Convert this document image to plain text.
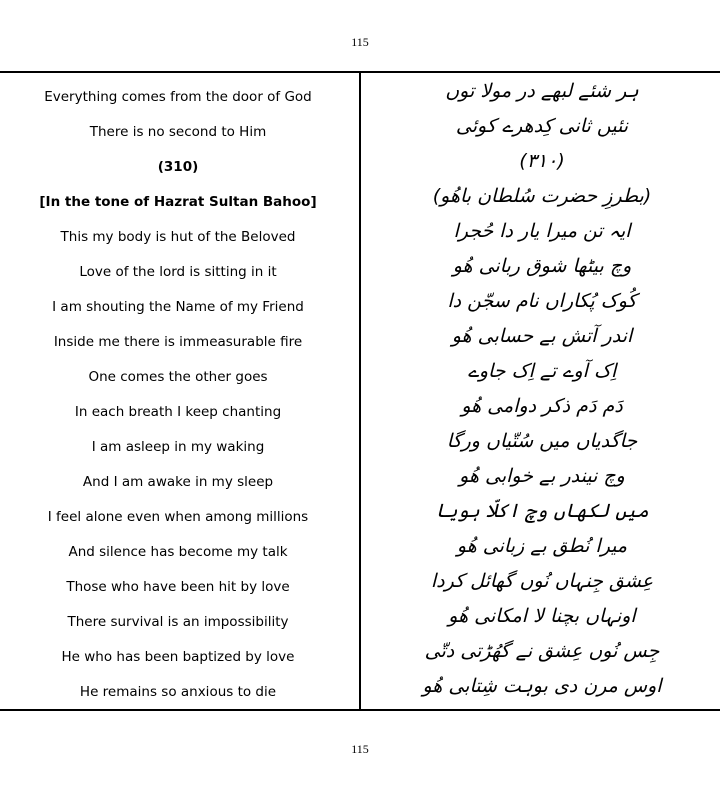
115
Everything comes from the door of God
There is no second to Him
(310)
[In the tone of Hazrat Sultan Bahoo]
This my body is hut of the Beloved
Love of the lord is sitting in it
I am shouting the Name of my Friend
Inside me there is immeasurable fire
One comes the other goes
In each breath I keep chanting
I am asleep in my waking
And I am awake in my sleep
I feel alone even when among millions
And silence has become my talk
Those who have been hit by love
There survival is an impossibility
He who has been baptized by love
He remains so anxious to die
ہر شئے لبھے در مولا توں
نئیں ثانی کِدھرے کوئی
(۳۱۰)
(بطرزِ حضرت سُلطان باھُو)
ایہ تن میرا یار دا حُجرا
وچ بیٹھا شوق ربانی ھُو
کُوک پُکاراں نام سجّن دا
اندر آتش بے حسابی ھُو
اِک آوے تے اِک جاوے
دَم دَم ذکر دوامی ھُو
جاگدیاں میں سُتّیاں ورگا
وچ نیندر بے خوابی ھُو
میں لکھاں وچ اکلّا ہویا
میرا نُطق بے زبانی ھُو
عِشق جِنہاں نُوں گھائل کردا
اونہاں بچنا لا امکانی ھُو
جِس نُوں عِشق نے گھُڑتی دتّی
اوس مرن دی بوہت شِتابی ھُو
115
